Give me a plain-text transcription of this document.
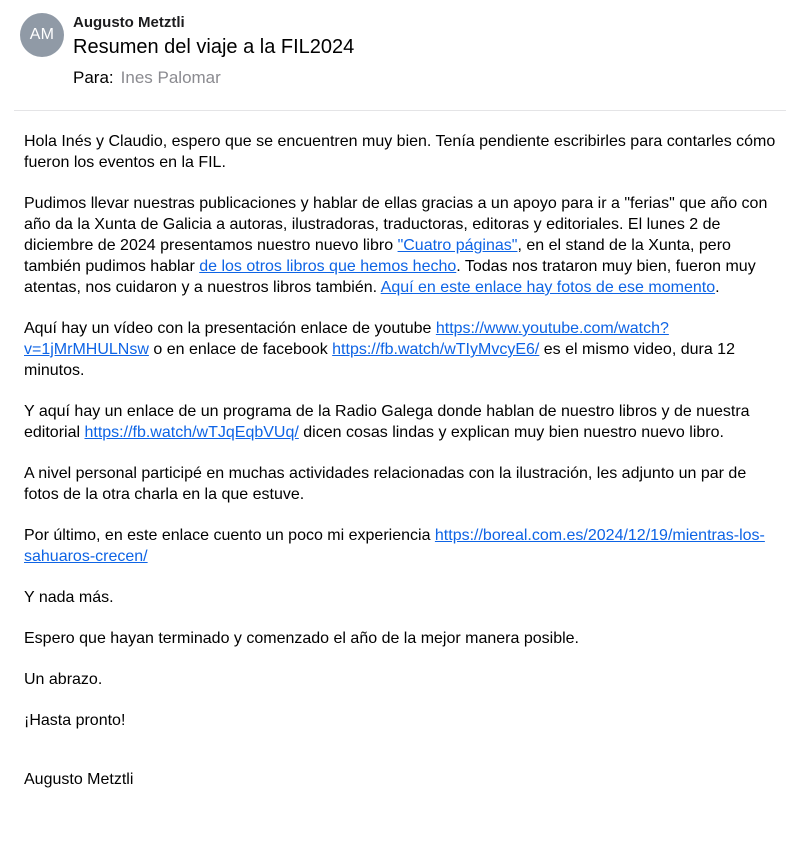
AM
Augusto Metztli
Resumen del viaje a la FIL2024
Para: Ines Palomar

Hola Inés y Claudio, espero que se encuentren muy bien. Tenía pendiente escribirles para contarles cómo fueron los eventos en la FIL.

Pudimos llevar nuestras publicaciones y hablar de ellas gracias a un apoyo para ir a "ferias" que año con año da la Xunta de Galicia a autoras, ilustradoras, traductoras, editoras y editoriales. El lunes 2 de diciembre de 2024 presentamos nuestro nuevo libro "Cuatro páginas", en el stand de la Xunta, pero también pudimos hablar de los otros libros que hemos hecho. Todas nos trataron muy bien, fueron muy atentas, nos cuidaron y a nuestros libros también. Aquí en este enlace hay fotos de ese momento.

Aquí hay un vídeo con la presentación enlace de youtube https://www.youtube.com/watch?v=1jMrMHULNsw o en enlace de facebook https://fb.watch/wTIyMvcyE6/ es el mismo video, dura 12 minutos.

Y aquí hay un enlace de un programa de la Radio Galega donde hablan de nuestro libros y de nuestra editorial https://fb.watch/wTJqEqbVUq/ dicen cosas lindas y explican muy bien nuestro nuevo libro.

A nivel personal participé en muchas actividades relacionadas con la ilustración, les adjunto un par de fotos de la otra charla en la que estuve.

Por último, en este enlace cuento un poco mi experiencia https://boreal.com.es/2024/12/19/mientras-los-sahuaros-crecen/

Y nada más.

Espero que hayan terminado y comenzado el año de la mejor manera posible.

Un abrazo.

¡Hasta pronto!

Augusto Metztli
